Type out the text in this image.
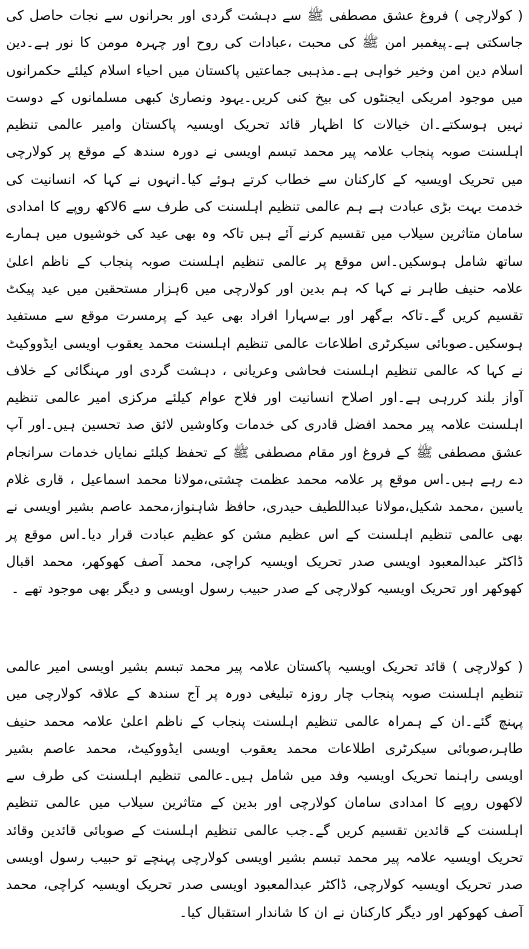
( کولارچی ) فروغ عشق مصطفی ﷺ سے دہشت گردی اور بحرانوں سے نجات حاصل کی جاسکتی ہے۔پیغمبر امن ﷺ کی محبت ،عبادات کی روح اور چہرہ مومن کا نور ہے۔دین اسلام دین امن وخیر خواہی ہے۔مذہبی جماعتیں پاکستان میں احیاء اسلام کیلئے حکمرانوں میں موجود امریکی ایجنٹوں کی بیخ کنی کریں۔یہود ونصاریٰ کبھی مسلمانوں کے دوست نہیں ہوسکتے۔ان خیالات کا اظہار قائد تحریک اویسیہ پاکستان وامیر عالمی تنظیم اہلسنت صوبہ پنجاب علامہ پیر محمد تبسم اویسی نے دورہ سندھ کے موقع پر کولارچی میں تحریک اویسیہ کے کارکنان سے خطاب کرتے ہوئے کیا۔انہوں نے کہا کہ انسانیت کی خدمت بہت بڑی عبادت ہے ہم عالمی تنظیم اہلسنت کی طرف سے 6لاکھ روپے کا امدادی سامان متاثرین سیلاب میں تقسیم کرنے آئے ہیں تاکہ وہ بھی عید کی خوشیوں میں ہمارے ساتھ شامل ہوسکیں۔اس موقع پر عالمی تنظیم اہلسنت صوبہ پنجاب کے ناظم اعلیٰ علامہ حنیف طاہر نے کہا کہ ہم بدین اور کولارچی میں 6ہزار مستحقین میں عید پیکٹ تقسیم کریں گے۔تاکہ بےگھر اور بےسہارا افراد بھی عید کے پرمسرت موقع سے مستفید ہوسکیں۔صوبائی سیکرٹری اطلاعات عالمی تنظیم اہلسنت محمد یعقوب اویسی ایڈووکیٹ نے کہا کہ عالمی تنظیم اہلسنت فحاشی وعریانی ، دہشت گردی اور مہنگائی کے خلاف آواز بلند کررہی ہے۔اور اصلاح انسانیت اور فلاح عوام کیلئے مرکزی امیر عالمی تنظیم اہلسنت علامہ پیر محمد افضل قادری کی خدمات وکاوشیں لائق صد تحسین ہیں۔اور آپ عشق مصطفی ﷺ کے فروغ اور مقام مصطفی ﷺ کے تحفظ کیلئے نمایاں خدمات سرانجام دے رہے ہیں۔اس موقع پر علامہ محمد عظمت چشتی،مولانا محمد اسماعیل ، قاری غلام یاسین ،محمد شکیل،مولانا عبداللطیف حیدری، حافظ شاہنواز،محمد عاصم بشیر اویسی نے بھی عالمی تنظیم اہلسنت کے اس عظیم مشن کو عظیم عبادت قرار دیا۔اس موقع پر ڈاکٹر عبدالمعبود اویسی صدر تحریک اویسیہ کراچی، محمد آصف کھوکھر، محمد اقبال کھوکھر اور تحریک اویسیہ کولارچی کے صدر حبیب رسول اویسی و دیگر بھی موجود تھے ۔

( کولارچی ) قائد تحریک اویسیہ پاکستان علامہ پیر محمد تبسم بشیر اویسی امیر عالمی تنظیم اہلسنت صوبہ پنجاب چار روزہ تبلیغی دورہ پر آج سندھ کے علاقہ کولارچی میں پہنچ گئے۔ان کے ہمراہ عالمی تنظیم اہلسنت پنجاب کے ناظم اعلیٰ علامہ محمد حنیف طاہر،صوبائی سیکرٹری اطلاعات محمد یعقوب اویسی ایڈووکیٹ، محمد عاصم بشیر اویسی راہنما تحریک اویسیہ وفد میں شامل ہیں۔عالمی تنظیم اہلسنت کی طرف سے لاکھوں روپے کا امدادی سامان کولارچی اور بدین کے متاثرین سیلاب میں عالمی تنظیم اہلسنت کے قائدین تقسیم کریں گے۔جب عالمی تنظیم اہلسنت کے صوبائی قائدین وقائد تحریک اویسیہ علامہ پیر محمد تبسم بشیر اویسی کولارچی پہنچے تو حبیب رسول اویسی صدر تحریک اویسیہ کولارچی، ڈاکٹر عبدالمعبود اویسی صدر تحریک اویسیہ کراچی، محمد آصف کھوکھر اور دیگر کارکنان نے ان کا شاندار استقبال کیا۔
